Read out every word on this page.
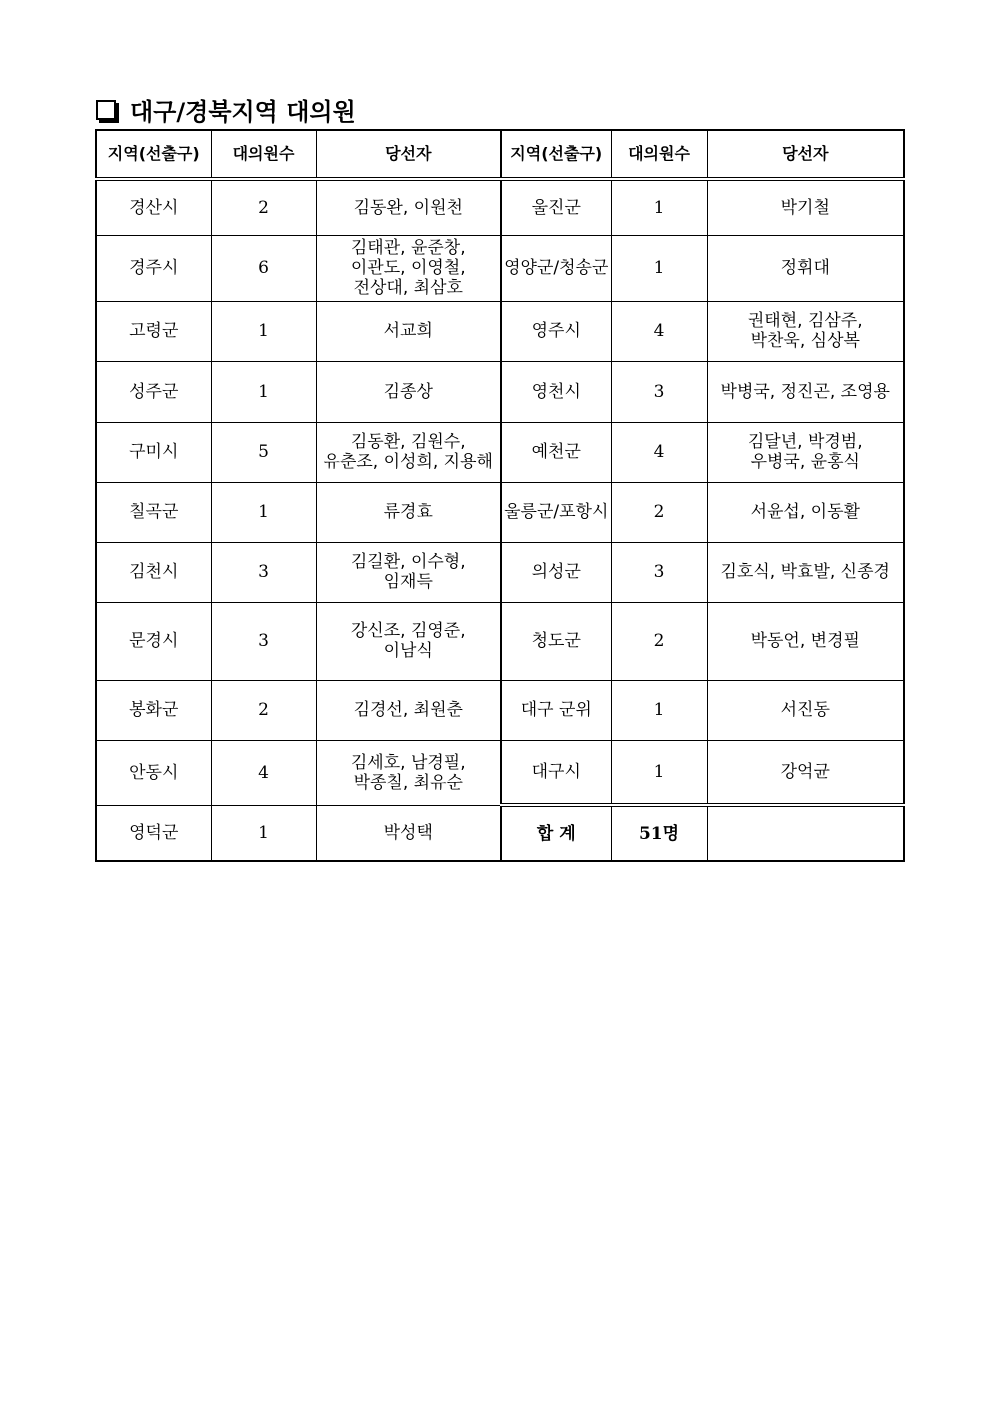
대구/경북지역 대의원
지역(선출구)	대의원수	당선자	지역(선출구)	대의원수	당선자
경산시	2	김동완, 이원천	울진군	1	박기철

경주시	6	김태관, 윤준창,
이관도, 이영철,
전상대, 최삼호	영양군/청송군	1	정휘대

고령군	1	서교희	영주시	4	권태현, 김삼주,
박찬욱, 심상복

성주군	1	김종상	영천시	3	박병국, 정진곤, 조영용

구미시	5	김동환, 김원수,
유춘조, 이성희, 지용해	예천군	4	김달년, 박경범,
우병국, 윤홍식

칠곡군	1	류경효	울릉군/포항시	2	서윤섭, 이동활

김천시	3	김길환, 이수형,
임재득	의성군	3	김호식, 박효발, 신종경

문경시	3	강신조, 김영준,
이남식	청도군	2	박동언, 변경필

봉화군	2	김경선, 최원춘	대구 군위	1	서진동

안동시	4	김세호, 남경필,
박종칠, 최유순	대구시	1	강억균

영덕군	1	박성택	합 계	51명	
